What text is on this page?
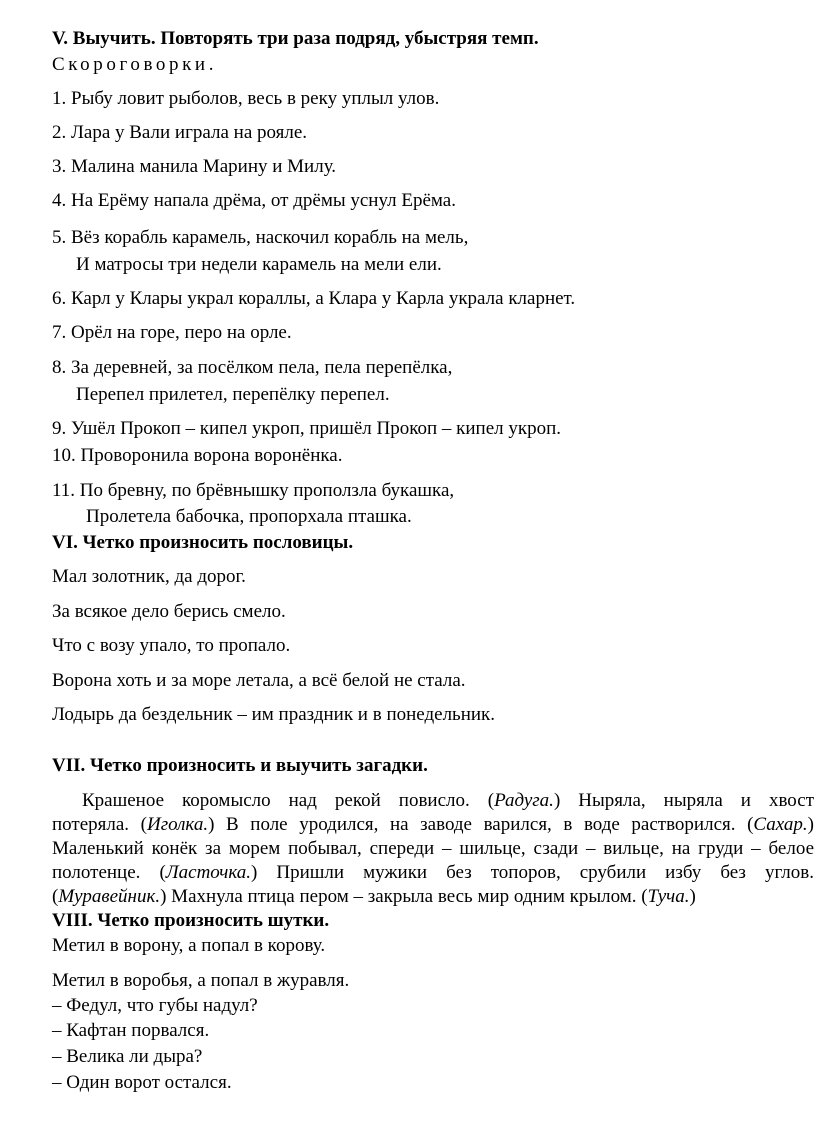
V. Выучить. Повторять три раза подряд, убыстряя темп.
Скороговорки.
1. Рыбу ловит рыболов, весь в реку уплыл улов.
2. Лара у Вали играла на рояле.
3. Малина манила Марину и Милу.
4. На Ерёму напала дрёма, от дрёмы уснул Ерёма.
5. Вёз корабль карамель, наскочил корабль на мель,
И матросы три недели карамель на мели ели.
6. Карл у Клары украл кораллы, а Клара у Карла украла кларнет.
7. Орёл на горе, перо на орле.
8. За деревней, за посёлком пела, пела перепёлка,
Перепел прилетел, перепёлку перепел.
9. Ушёл Прокоп – кипел укроп, пришёл Прокоп – кипел укроп.
10. Проворонила ворона воронёнка.
11. По бревну, по брёвнышку проползла букашка,
Пролетела бабочка, пропорхала пташка.
VI. Четко произносить пословицы.
Мал золотник, да дорог.
За всякое дело берись смело.
Что с возу упало, то пропало.
Ворона хоть и за море летала, а всё белой не стала.
Лодырь да бездельник – им праздник и в понедельник.
VII. Четко произносить и выучить загадки.
Крашеное коромысло над рекой повисло. (Радуга.) Ныряла, ныряла и хвост
потеряла. (Иголка.) В поле уродился, на заводе варился, в воде растворился. (Сахар.)
Маленький конёк за морем побывал, спереди – шильце, сзади – вильце, на груди – белое
полотенце. (Ласточка.) Пришли мужики без топоров, срубили избу без углов.
(Муравейник.) Махнула птица пером – закрыла весь мир одним крылом. (Туча.)
VIII. Четко произносить шутки.
Метил в ворону, а попал в корову.
Метил в воробья, а попал в журавля.
– Федул, что губы надул?
– Кафтан порвался.
– Велика ли дыра?
– Один ворот остался.
